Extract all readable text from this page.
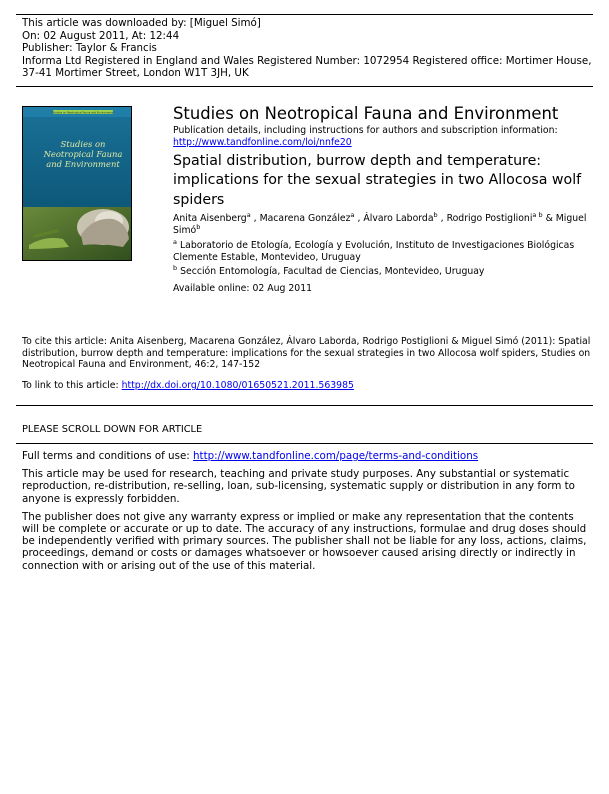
This article was downloaded by: [Miguel Simó]
On: 02 August 2011, At: 12:44
Publisher: Taylor & Francis
Informa Ltd Registered in England and Wales Registered Number: 1072954 Registered office: Mortimer House, 37-41 Mortimer Street, London W1T 3JH, UK
Studies on Neotropical Fauna and Environment
Studies on
Neotropical Fauna
and Environment
Studies on Neotropical Fauna and Environment
Publication details, including instructions for authors and subscription information:
http://www.tandfonline.com/loi/nnfe20
Spatial distribution, burrow depth and temperature: implications for the sexual strategies in two Allocosa wolf spiders
Anita Aisenberg$^a$ , Macarena González$^a$ , Álvaro Laborda$^b$ , Rodrigo Postiglioni$^{a b}$ & Miguel Simó$^b$
$^a$ Laboratorio de Etología, Ecología y Evolución, Instituto de Investigaciones Biológicas Clemente Estable, Montevideo, Uruguay
$^b$ Sección Entomología, Facultad de Ciencias, Montevideo, Uruguay
Available online: 02 Aug 2011
To cite this article: Anita Aisenberg, Macarena González, Álvaro Laborda, Rodrigo Postiglioni & Miguel Simó (2011): Spatial distribution, burrow depth and temperature: implications for the sexual strategies in two Allocosa wolf spiders, Studies on Neotropical Fauna and Environment, 46:2, 147-152
To link to this article: http://dx.doi.org/10.1080/01650521.2011.563985
PLEASE SCROLL DOWN FOR ARTICLE

Full terms and conditions of use: http://www.tandfonline.com/page/terms-and-conditions

This article may be used for research, teaching and private study purposes. Any substantial or systematic reproduction, re-distribution, re-selling, loan, sub-licensing, systematic supply or distribution in any form to anyone is expressly forbidden.

The publisher does not give any warranty express or implied or make any representation that the contents will be complete or accurate or up to date. The accuracy of any instructions, formulae and drug doses should be independently verified with primary sources. The publisher shall not be liable for any loss, actions, claims, proceedings, demand or costs or damages whatsoever or howsoever caused arising directly or indirectly in connection with or arising out of the use of this material.
